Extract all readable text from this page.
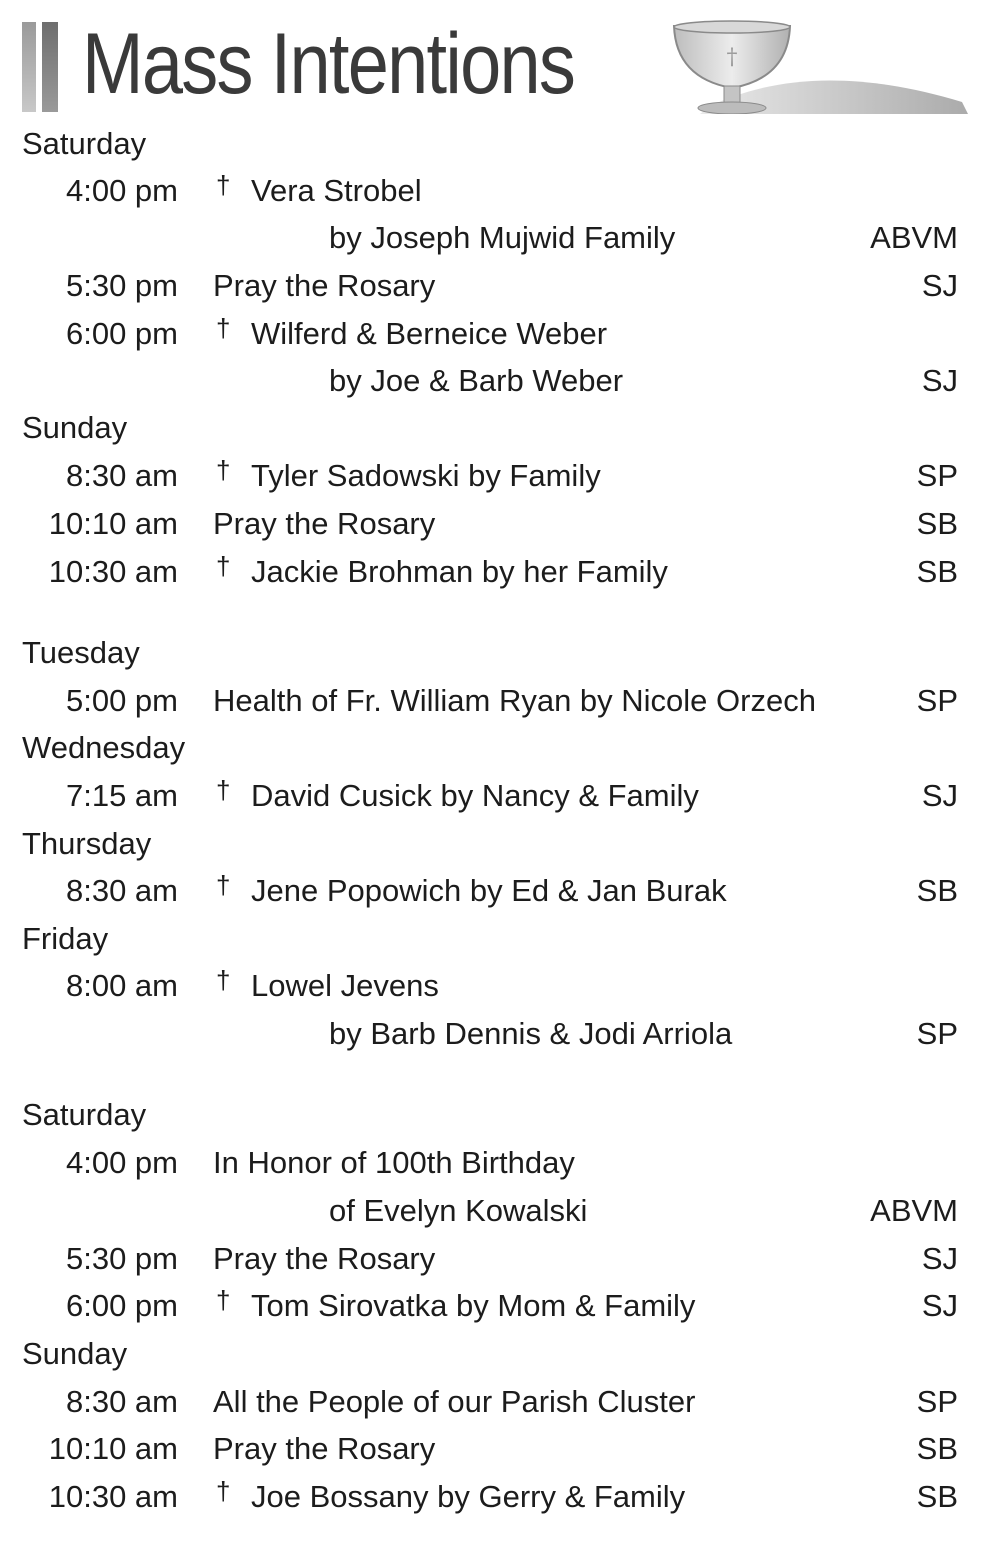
Mass Intentions	†
Saturday
4:00 pm † Vera Strobel
by Joseph Mujwid Family	ABVM
5:30 pm Pray the Rosary	SJ
6:00 pm † Wilferd & Berneice Weber
by Joe & Barb Weber	SJ
Sunday
8:30 am † Tyler Sadowski by Family	SP
10:10 am Pray the Rosary	SB
10:30 am † Jackie Brohman by her Family	SB
Tuesday
5:00 pm Health of Fr. William Ryan by Nicole Orzech	SP
Wednesday
7:15 am † David Cusick by Nancy & Family	SJ
Thursday
8:30 am † Jene Popowich by Ed & Jan Burak	SB
Friday
8:00 am † Lowel Jevens
by Barb Dennis & Jodi Arriola	SP
Saturday
4:00 pm In Honor of 100th Birthday
of Evelyn Kowalski	ABVM
5:30 pm Pray the Rosary	SJ
6:00 pm † Tom Sirovatka by Mom & Family	SJ
Sunday
8:30 am All the People of our Parish Cluster	SP
10:10 am Pray the Rosary	SB
10:30 am † Joe Bossany by Gerry & Family	SB
